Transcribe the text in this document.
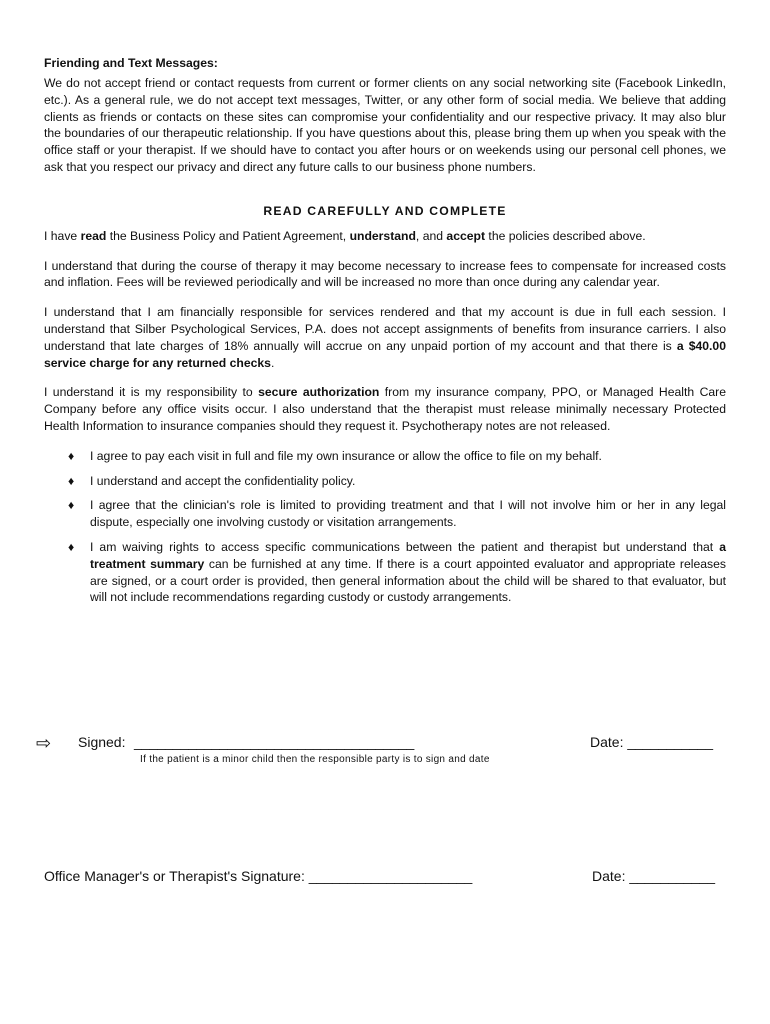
Friending and Text Messages:

We do not accept friend or contact requests from current or former clients on any social networking site (Facebook LinkedIn, etc.). As a general rule, we do not accept text messages, Twitter, or any other form of social media. We believe that adding clients as friends or contacts on these sites can compromise your confidentiality and our respective privacy. It may also blur the boundaries of our therapeutic relationship. If you have questions about this, please bring them up when you speak with the office staff or your therapist. If we should have to contact you after hours or on weekends using our personal cell phones, we ask that you respect our privacy and direct any future calls to our business phone numbers.

READ CAREFULLY AND COMPLETE

I have read the Business Policy and Patient Agreement, understand, and accept the policies described above.

I understand that during the course of therapy it may become necessary to increase fees to compensate for increased costs and inflation. Fees will be reviewed periodically and will be increased no more than once during any calendar year.

I understand that I am financially responsible for services rendered and that my account is due in full each session. I understand that Silber Psychological Services, P.A. does not accept assignments of benefits from insurance carriers. I also understand that late charges of 18% annually will accrue on any unpaid portion of my account and that there is a $40.00 service charge for any returned checks.

I understand it is my responsibility to secure authorization from my insurance company, PPO, or Managed Health Care Company before any office visits occur. I also understand that the therapist must release minimally necessary Protected Health Information to insurance companies should they request it. Psychotherapy notes are not released.

♦ I agree to pay each visit in full and file my own insurance or allow the office to file on my behalf.
♦ I understand and accept the confidentiality policy.
♦ I agree that the clinician's role is limited to providing treatment and that I will not involve him or her in any legal dispute, especially one involving custody or visitation arrangements.
♦ I am waiving rights to access specific communications between the patient and therapist but understand that a treatment summary can be furnished at any time. If there is a court appointed evaluator and appropriate releases are signed, or a court order is provided, then general information about the child will be shared to that evaluator, but will not include recommendations regarding custody or custody arrangements.
⇨ Signed: ____________________________________	Date: ___________
If the patient is a minor child then the responsible party is to sign and date
Office Manager's or Therapist's Signature: _____________________	Date: ___________
